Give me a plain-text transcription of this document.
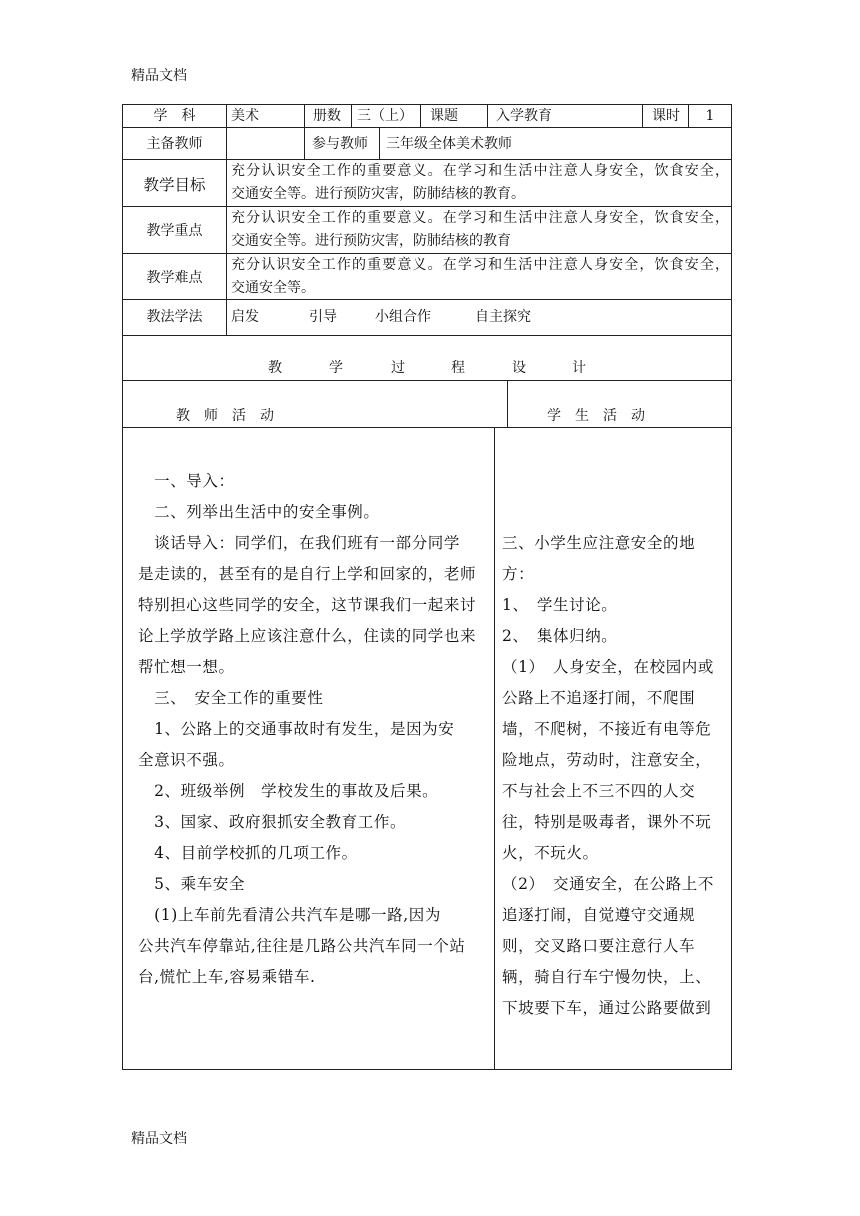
精品文档
学　科	美术	册数 三（上） 课题	入学教育	课时	1
主备教师	参与教师 三年级全体美术教师
教学目标
充分认识安全工作的重要意义。在学习和生活中注意人身安全，饮食安全，
交通安全等。进行预防灾害，防肺结核的教育。
教学重点
充分认识安全工作的重要意义。在学习和生活中注意人身安全，饮食安全，
交通安全等。进行预防灾害，防肺结核的教育
教学难点
充分认识安全工作的重要意义。在学习和生活中注意人身安全，饮食安全，
交通安全等。
教法学法	启发	引导	小组合作	自主探究
教	学	过	程	设	计
教　师　活　动	学　生　活　动
　一、导入：
　二、列举出生活中的安全事例。
　谈话导入：同学们，在我们班有一部分同学
是走读的，甚至有的是自行上学和回家的，老师
特别担心这些同学的安全，这节课我们一起来讨
论上学放学路上应该注意什么，住读的同学也来
帮忙想一想。
　三、　安全工作的重要性
　1、公路上的交通事故时有发生，是因为安
全意识不强。
　2、班级举例　学校发生的事故及后果。
　3、国家、政府狠抓安全教育工作。
　4、目前学校抓的几项工作。
　5、乘车安全
　(1)上车前先看清公共汽车是哪一路,因为
公共汽车停靠站,往往是几路公共汽车同一个站
台,慌忙上车,容易乘错车.
三、小学生应注意安全的地
方：
1、　学生讨论。
2、　集体归纳。
（1）　人身安全，在校园内或
公路上不追逐打闹，不爬围
墙，不爬树，不接近有电等危
险地点，劳动时，注意安全，
不与社会上不三不四的人交
往，特别是吸毒者，课外不玩
火，不玩火。
（2）　交通安全，在公路上不
追逐打闹，自觉遵守交通规
则，交叉路口要注意行人车
辆，骑自行车宁慢勿快，上、
下坡要下车，通过公路要做到
精品文档
